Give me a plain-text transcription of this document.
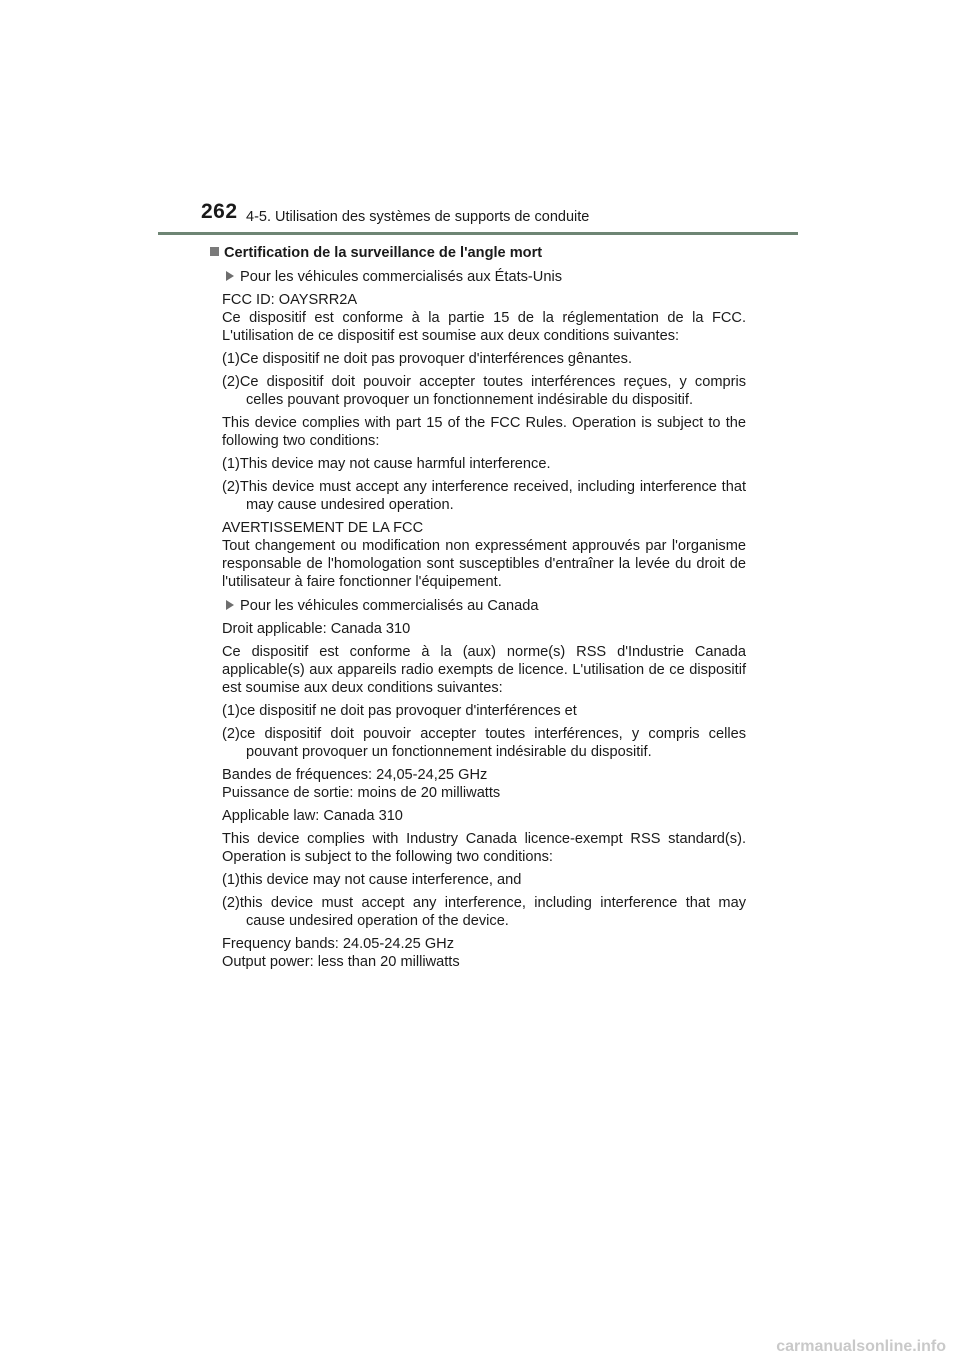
262 4-5. Utilisation des systèmes de supports de conduite

Certification de la surveillance de l'angle mort

Pour les véhicules commercialisés aux États-Unis

FCC ID: OAYSRR2A

Ce dispositif est conforme à la partie 15 de la réglementation de la FCC. L'utilisation de ce dispositif est soumise aux deux conditions suivantes:

(1)Ce dispositif ne doit pas provoquer d'interférences gênantes.

(2)Ce dispositif doit pouvoir accepter toutes interférences reçues, y compris celles pouvant provoquer un fonctionnement indésirable du dispositif.

This device complies with part 15 of the FCC Rules. Operation is subject to the following two conditions:

(1)This device may not cause harmful interference.

(2)This device must accept any interference received, including interference that may cause undesired operation.

AVERTISSEMENT DE LA FCC

Tout changement ou modification non expressément approuvés par l'organisme responsable de l'homologation sont susceptibles d'entraîner la levée du droit de l'utilisateur à faire fonctionner l'équipement.

Pour les véhicules commercialisés au Canada

Droit applicable: Canada 310

Ce dispositif est conforme à la (aux) norme(s) RSS d'Industrie Canada applicable(s) aux appareils radio exempts de licence. L'utilisation de ce dispositif est soumise aux deux conditions suivantes:

(1)ce dispositif ne doit pas provoquer d'interférences et

(2)ce dispositif doit pouvoir accepter toutes interférences, y compris celles pouvant provoquer un fonctionnement indésirable du dispositif.

Bandes de fréquences: 24,05-24,25 GHz

Puissance de sortie: moins de 20 milliwatts

Applicable law: Canada 310

This device complies with Industry Canada licence-exempt RSS standard(s). Operation is subject to the following two conditions:

(1)this device may not cause interference, and

(2)this device must accept any interference, including interference that may cause undesired operation of the device.

Frequency bands: 24.05-24.25 GHz

Output power: less than 20 milliwatts

carmanualsonline.info
